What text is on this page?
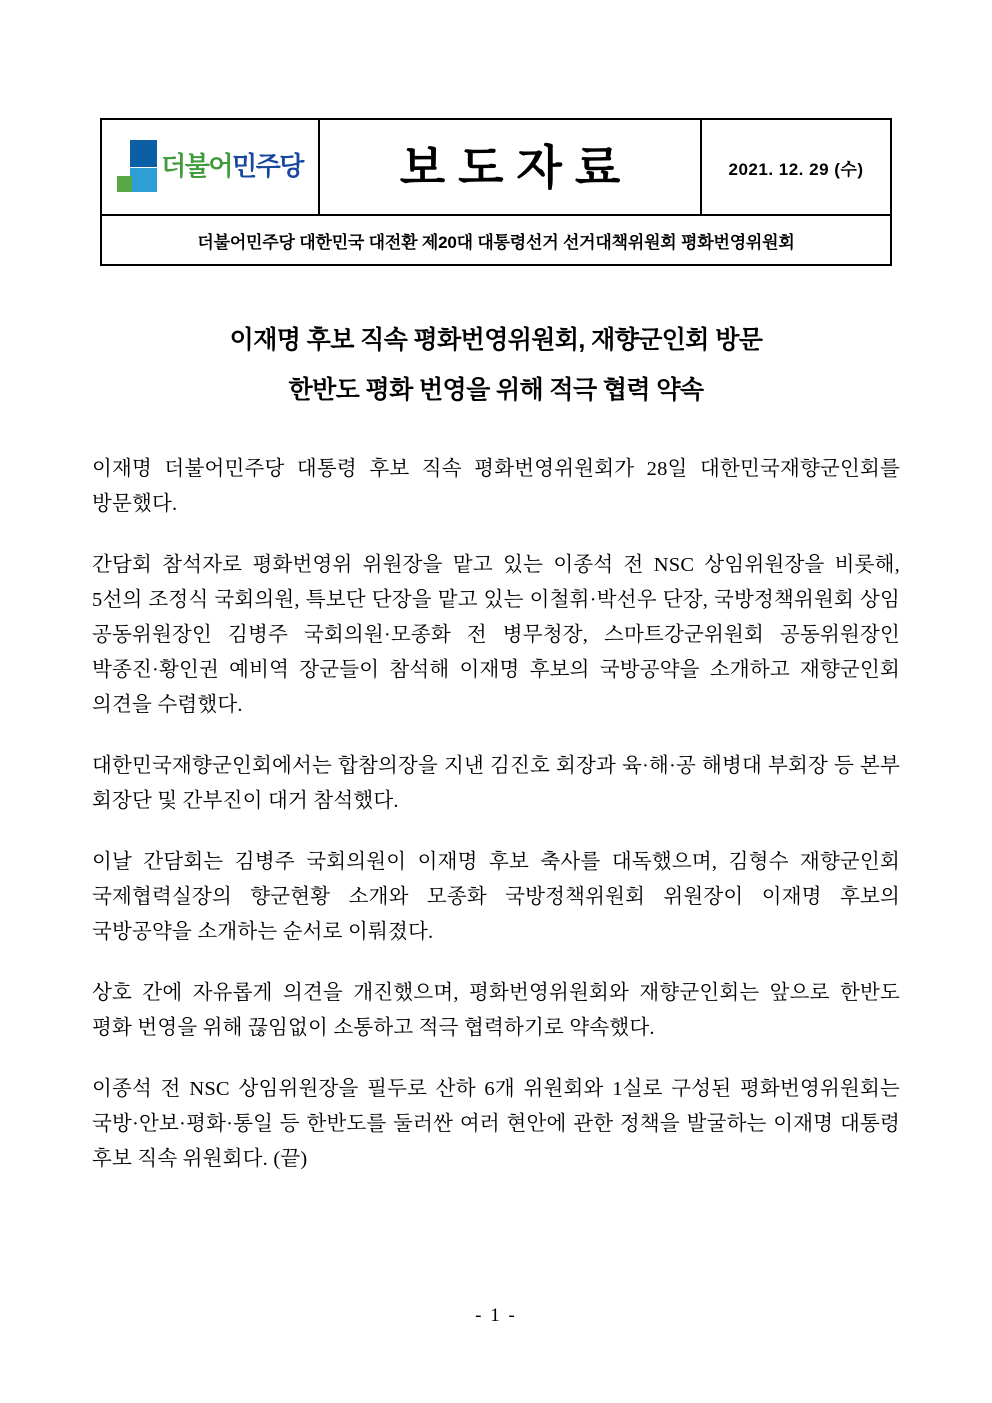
더불어민주당 보도자료	2021. 12. 29 (수)
더불어민주당 대한민국 대전환 제20대 대통령선거 선거대책위원회 평화번영위원회
이재명 후보 직속 평화번영위원회, 재향군인회 방문
한반도 평화 번영을 위해 적극 협력 약속

이재명 더불어민주당 대통령 후보 직속 평화번영위원회가 28일 대한민국재향군인회를 방문했다.

간담회 참석자로 평화번영위 위원장을 맡고 있는 이종석 전 NSC 상임위원장을 비롯해, 5선의 조정식 국회의원, 특보단 단장을 맡고 있는 이철휘·박선우 단장, 국방정책위원회 상임 공동위원장인 김병주 국회의원·모종화 전 병무청장, 스마트강군위원회 공동위원장인 박종진·황인권 예비역 장군들이 참석해 이재명 후보의 국방공약을 소개하고 재향군인회 의견을 수렴했다.

대한민국재향군인회에서는 합참의장을 지낸 김진호 회장과 육·해·공 해병대 부회장 등 본부 회장단 및 간부진이 대거 참석했다.

이날 간담회는 김병주 국회의원이 이재명 후보 축사를 대독했으며, 김형수 재향군인회 국제협력실장의 향군현황 소개와 모종화 국방정책위원회 위원장이 이재명 후보의 국방공약을 소개하는 순서로 이뤄졌다.

상호 간에 자유롭게 의견을 개진했으며, 평화번영위원회와 재향군인회는 앞으로 한반도 평화 번영을 위해 끊임없이 소통하고 적극 협력하기로 약속했다.

이종석 전 NSC 상임위원장을 필두로 산하 6개 위원회와 1실로 구성된 평화번영위원회는 국방·안보·평화·통일 등 한반도를 둘러싼 여러 현안에 관한 정책을 발굴하는 이재명 대통령 후보 직속 위원회다. (끝)

- 1 -
